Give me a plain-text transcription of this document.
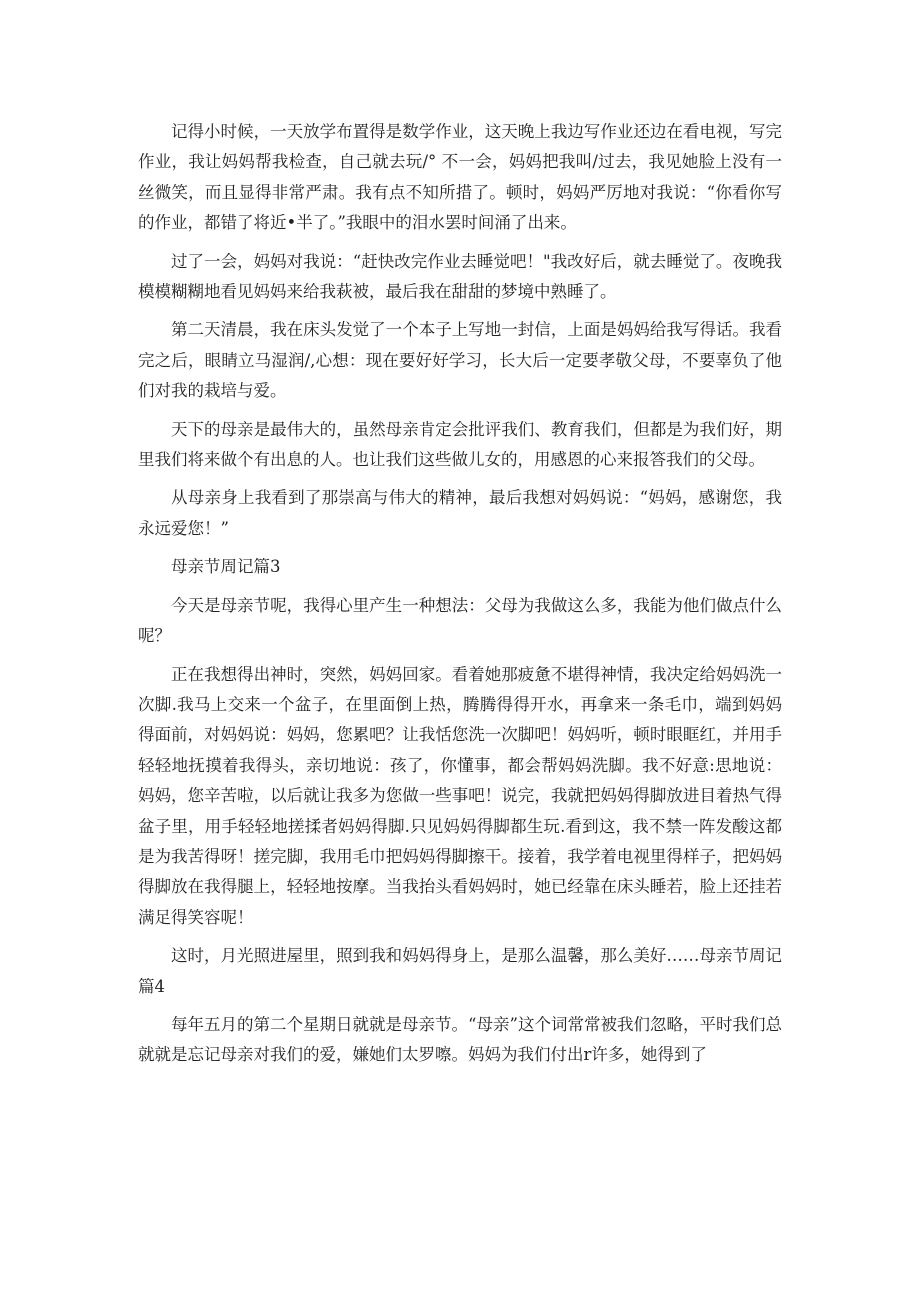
记得小时候，一天放学布置得是数学作业，这天晚上我边写作业还边在看电视，写完作业，我让妈妈帮我检查，自己就去玩/° 不一会，妈妈把我叫/过去，我见她脸上没有一丝微笑，而且显得非常严肃。我有点不知所措了。顿时，妈妈严厉地对我说：“你看你写的作业，都错了将近•半了。”我眼中的泪水罢时间涌了出来。

过了一会，妈妈对我说：“赶快改完作业去睡觉吧！"我改好后，就去睡觉了。夜晚我模模糊糊地看见妈妈来给我萩被，最后我在甜甜的梦境中熟睡了。

第二天清晨，我在床头发觉了一个本子上写地一封信，上面是妈妈给我写得话。我看完之后，眼睛立马湿润/,心想：现在要好好学习，长大后一定要孝敬父母，不要辜负了他们对我的栽培与爱。

天下的母亲是最伟大的，虽然母亲肯定会批评我们、教育我们，但都是为我们好，期里我们将来做个有出息的人。也让我们这些做儿女的，用感恩的心来报答我们的父母。

从母亲身上我看到了那崇高与伟大的精神，最后我想对妈妈说：“妈妈，感谢您，我永远爱您！”

母亲节周记篇3

今天是母亲节呢，我得心里产生一种想法：父母为我做这么多，我能为他们做点什么呢？

正在我想得出神时，突然，妈妈回家。看着她那疲惫不堪得神情，我决定给妈妈洗一次脚.我马上交来一个盆子，在里面倒上热，腾腾得得开水，再拿来一条毛巾，端到妈妈得面前，对妈妈说：妈妈，您累吧？让我恬您洗一次脚吧！妈妈听，顿时眼眶红，并用手轻轻地抚摸着我得头，亲切地说：孩了，你懂事，都会帮妈妈洗脚。我不好意:思地说：妈妈，您辛苦啦，以后就让我多为您做一些事吧！说完，我就把妈妈得脚放进目着热气得盆子里，用手轻轻地搓揉者妈妈得脚.只见妈妈得脚都生玩.看到这，我不禁一阵发酸这都是为我苦得呀！搓完脚，我用毛巾把妈妈得脚擦干。接着，我学着电视里得样子，把妈妈得脚放在我得腿上，轻轻地按摩。当我抬头看妈妈时，她已经靠在床头睡若，脸上还挂若满足得笑容呢！

这时，月光照进屋里，照到我和妈妈得身上，是那么温馨，那么美好……母亲节周记篇4

每年五月的第二个星期日就就是母亲节。“母亲”这个词常常被我们忽略，平时我们总就就是忘记母亲对我们的爱，嫌她们太罗嚓。妈妈为我们付出r许多，她得到了
